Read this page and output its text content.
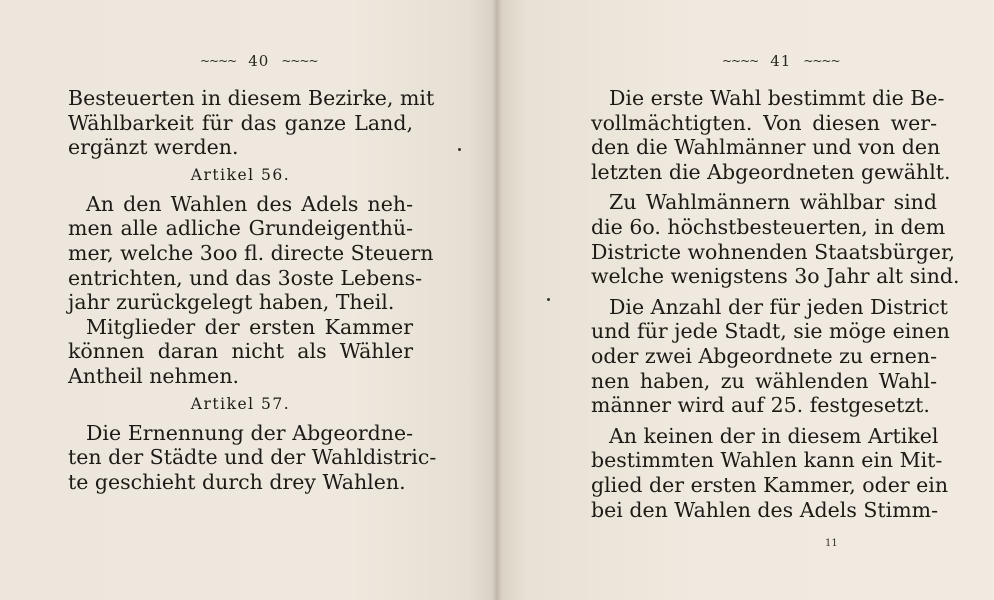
~~~~ 40 ~~~~
Besteuerten in diesem Bezirke, mit
Wählbarkeit für das ganze Land,
ergänzt werden.
Artikel 56.
An den Wahlen des Adels neh-
men alle adliche Grundeigenthü-
mer, welche 3oo fl. directe Steuern
entrichten, und das 3oste Lebens-
jahr zurückgelegt haben, Theil.
Mitglieder der ersten Kammer
können daran nicht als Wähler
Antheil nehmen.
Artikel 57.
Die Ernennung der Abgeordne-
ten der Städte und der Wahldistric-
te geschieht durch drey Wahlen.
~~~~ 41 ~~~~
Die erste Wahl bestimmt die Be-
vollmächtigten. Von diesen wer-
den die Wahlmänner und von den
letzten die Abgeordneten gewählt.
Zu Wahlmännern wählbar sind
die 6o. höchstbesteuerten, in dem
Districte wohnenden Staatsbürger,
welche wenigstens 3o Jahr alt sind.
Die Anzahl der für jeden District
und für jede Stadt, sie möge einen
oder zwei Abgeordnete zu ernen-
nen haben, zu wählenden Wahl-
männer wird auf 25. festgesetzt.
An keinen der in diesem Artikel
bestimmten Wahlen kann ein Mit-
glied der ersten Kammer, oder ein
bei den Wahlen des Adels Stimm-
11
